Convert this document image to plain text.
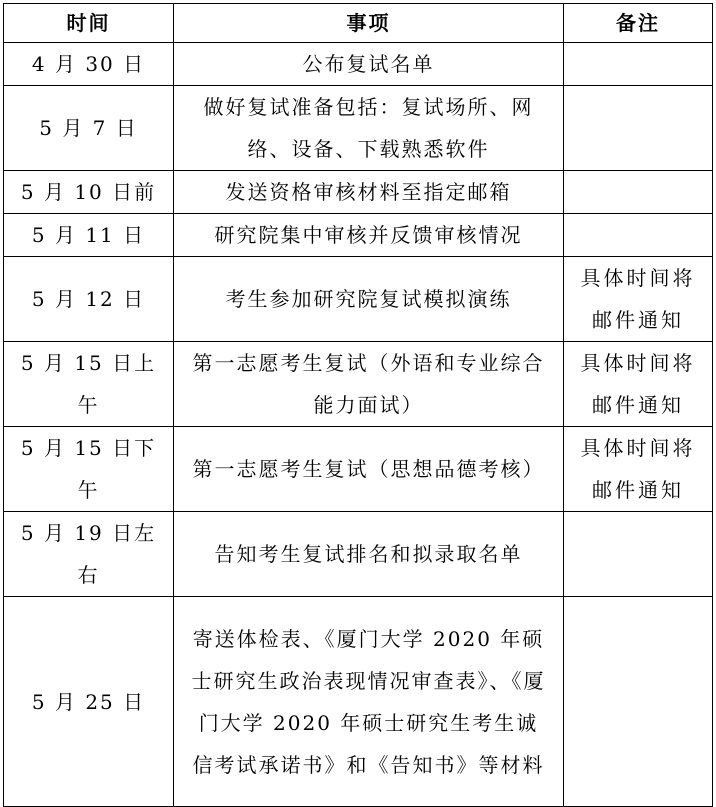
时间	事项	备注
4 月 30 日	公布复试名单	
5 月 7 日	做好复试准备包括：复试场所、网络、设备、下载熟悉软件	
5 月 10 日前	发送资格审核材料至指定邮箱	
5 月 11 日	研究院集中审核并反馈审核情况	
5 月 12 日	考生参加研究院复试模拟演练	具体时间将邮件通知
5 月 15 日上午	第一志愿考生复试（外语和专业综合能力面试）	具体时间将邮件通知
5 月 15 日下午	第一志愿考生复试（思想品德考核）	具体时间将邮件通知
5 月 19 日左右	告知考生复试排名和拟录取名单	
5 月 25 日	寄送体检表、《厦门大学 2020 年硕士研究生政治表现情况审查表》、《厦门大学 2020 年硕士研究生考生诚信考试承诺书》和《告知书》等材料	
